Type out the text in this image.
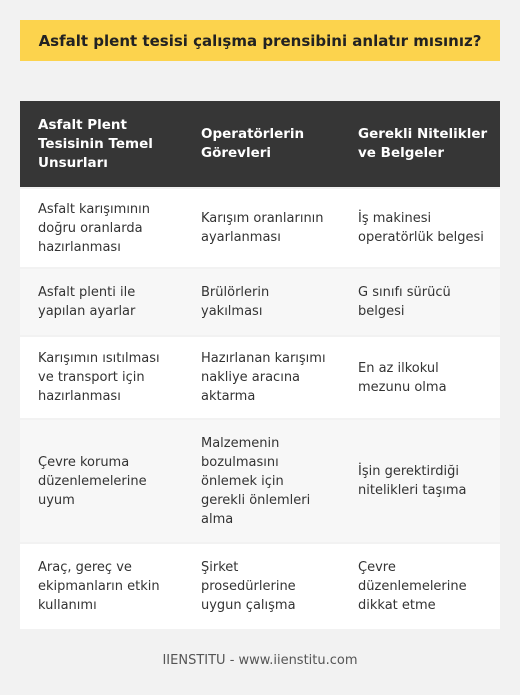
Asfalt plent tesisi çalışma prensibini anlatır mısınız?
Asfalt Plent Tesisinin Temel Unsurları	Operatörlerin Görevleri	Gerekli Nitelikler ve Belgeler
Asfalt karışımının doğru oranlarda hazırlanması	Karışım oranlarının ayarlanması	İş makinesi operatörlük belgesi
Asfalt plenti ile yapılan ayarlar	Brülörlerin yakılması	G sınıfı sürücü belgesi
Karışımın ısıtılması ve transport için hazırlanması	Hazırlanan karışımı nakliye aracına aktarma	En az ilkokul mezunu olma
Çevre koruma düzenlemelerine uyum	Malzemenin bozulmasını önlemek için gerekli önlemleri alma	İşin gerektirdiği nitelikleri taşıma
Araç, gereç ve ekipmanların etkin kullanımı	Şirket prosedürlerine uygun çalışma	Çevre düzenlemelerine dikkat etme
IIENSTITU - www.iienstitu.com
